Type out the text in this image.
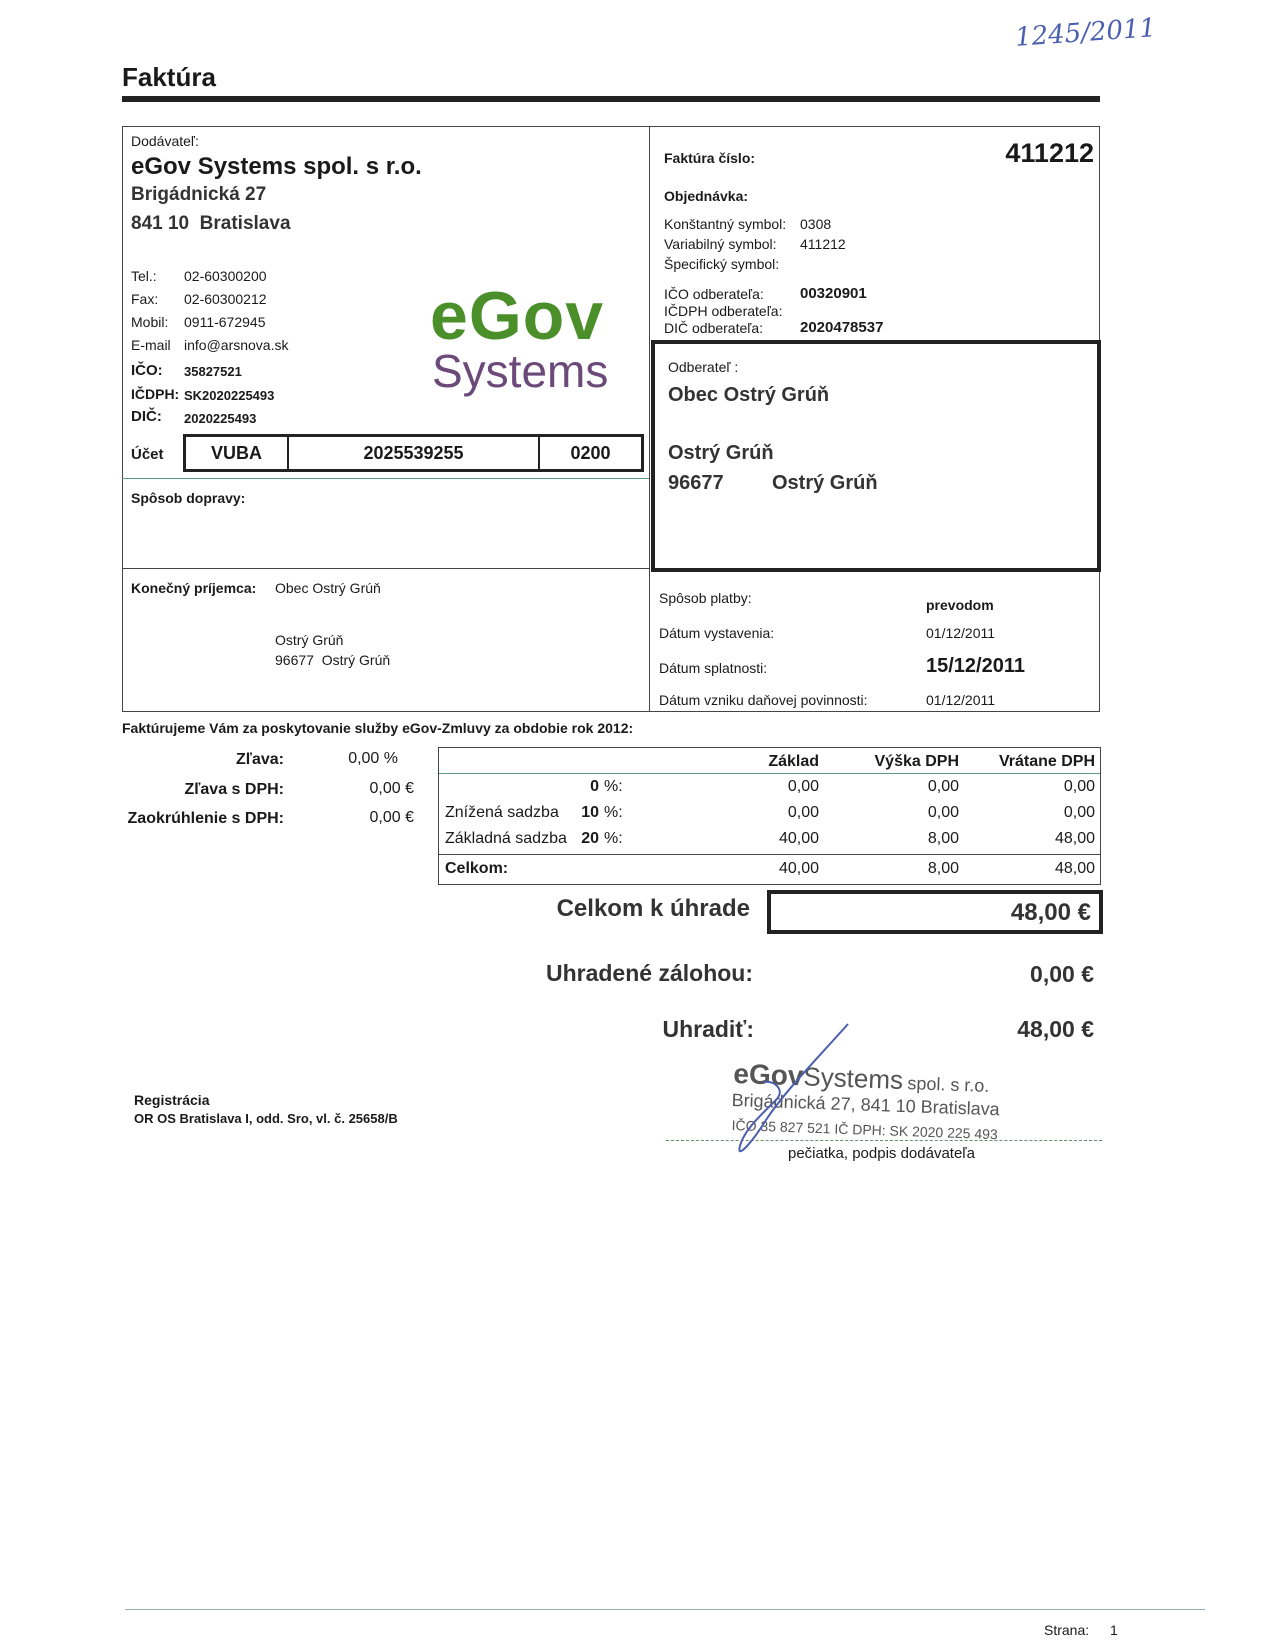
1245/2011
Faktúra
Dodávateľ:
eGov Systems spol. s r.o.
Brigádnická 27
841 10  Bratislava
Tel.: 02-60300200
Fax: 02-60300212
Mobil: 0911-672945
E-mail info@arsnova.sk
IČO: 35827521
IČDPH: SK2020225493
DIČ: 2020225493
eGov
Systems
Účet	VUBA	2025539255	0200
Spôsob dopravy:
Faktúra číslo:	411212
Objednávka:
Konštantný symbol: 0308
Variabilný symbol: 411212
Špecifický symbol:
IČO odberateľa: 00320901
IČDPH odberateľa:
DIČ odberateľa: 2020478537
Odberateľ :
Obec Ostrý Grúň
Ostrý Grúň
96677 Ostrý Grúň
Konečný príjemca: Obec Ostrý Grúň
Ostrý Grúň
96677  Ostrý Grúň
Spôsob platby:	prevodom
Dátum vystavenia:	01/12/2011
Dátum splatnosti:	15/12/2011
Dátum vzniku daňovej povinnosti:	01/12/2011
Faktúrujeme Vám za poskytovanie služby eGov-Zmluvy za obdobie rok 2012:
Zľava:	0,00 %
Zľava s DPH:	0,00 €
Zaokrúhlenie s DPH:	0,00 €
Základ	Výška DPH	Vrátane DPH
0 %:	0,00	0,00	0,00
Znížená sadzba	10 %:	0,00	0,00	0,00
Základná sadzba 20 %:	40,00	8,00	48,00
Celkom:	40,00	8,00	48,00
Celkom k úhrade	48,00 €
Uhradené zálohou:	0,00 €
Uhradiť:	48,00 €
Registrácia
OR OS Bratislava I, odd. Sro, vl. č. 25658/B
eGovSystems spol. s r.o.
Brigádnická 27, 841 10 Bratislava
IČO 35 827 521 IČ DPH: SK 2020 225 493
pečiatka, podpis dodávateľa
Strana: 1
